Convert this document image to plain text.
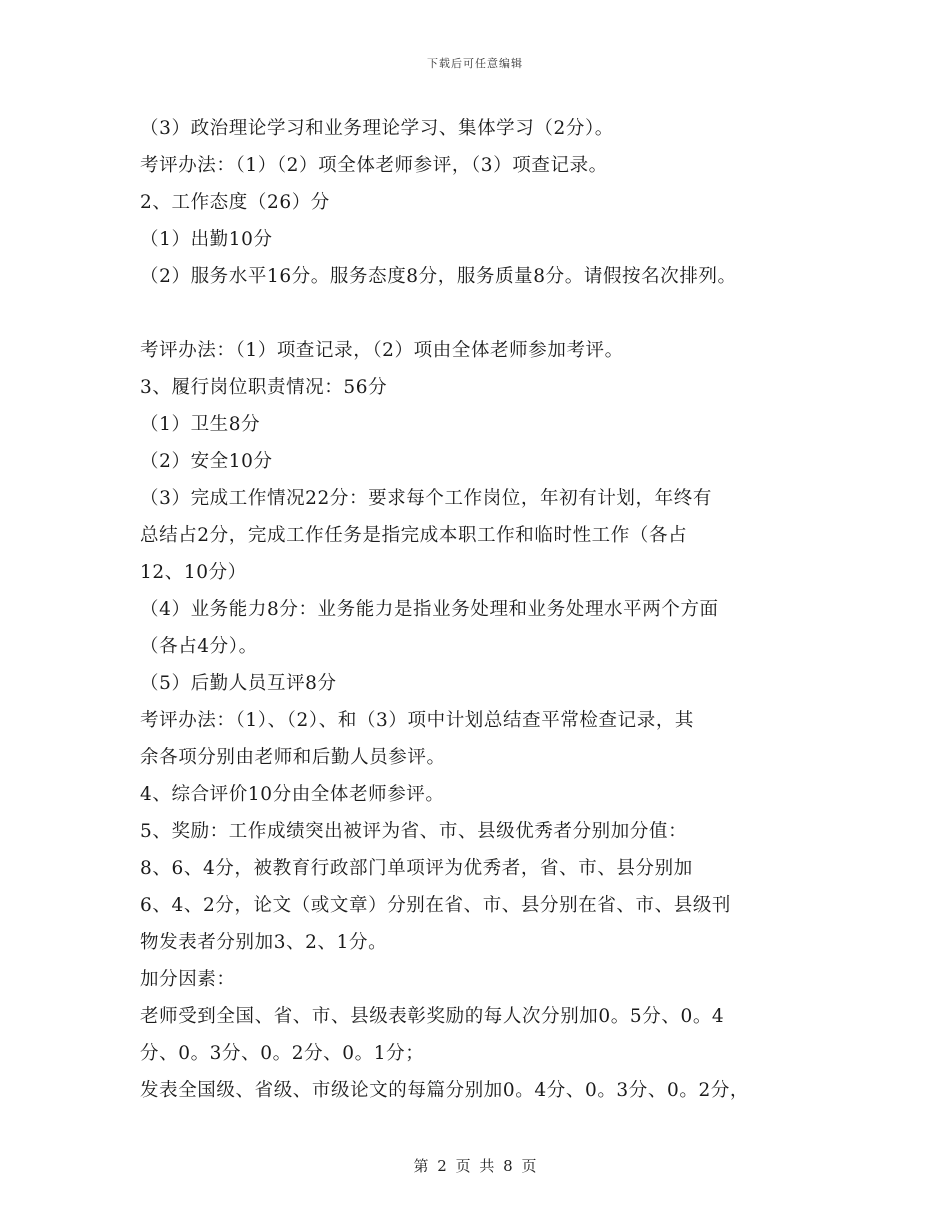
下载后可任意编辑
（3）政治理论学习和业务理论学习、集体学习（2分）。
考评办法：（1）（2）项全体老师参评，（3）项查记录。
2、工作态度（26）分
（1）出勤10分
（2）服务水平16分。服务态度8分，服务质量8分。请假按名次排列。
考评办法：（1）项查记录，（2）项由全体老师参加考评。
3、履行岗位职责情况：56分
（1）卫生8分
（2）安全10分
（3）完成工作情况22分：要求每个工作岗位，年初有计划，年终有
总结占2分，完成工作任务是指完成本职工作和临时性工作（各占
12、10分）
（4）业务能力8分：业务能力是指业务处理和业务处理水平两个方面
（各占4分）。
（5）后勤人员互评8分
考评办法：（1）、（2）、和（3）项中计划总结查平常检查记录，其
余各项分别由老师和后勤人员参评。
4、综合评价10分由全体老师参评。
5、奖励：工作成绩突出被评为省、市、县级优秀者分别加分值：
8、6、4分，被教育行政部门单项评为优秀者，省、市、县分别加
6、4、2分，论文（或文章）分别在省、市、县分别在省、市、县级刊
物发表者分别加3、2、1分。
加分因素：
老师受到全国、省、市、县级表彰奖励的每人次分别加0。5分、0。4
分、0。3分、0。2分、0。1分；
发表全国级、省级、市级论文的每篇分别加0。4分、0。3分、0。2分，
第 2 页 共 8 页
